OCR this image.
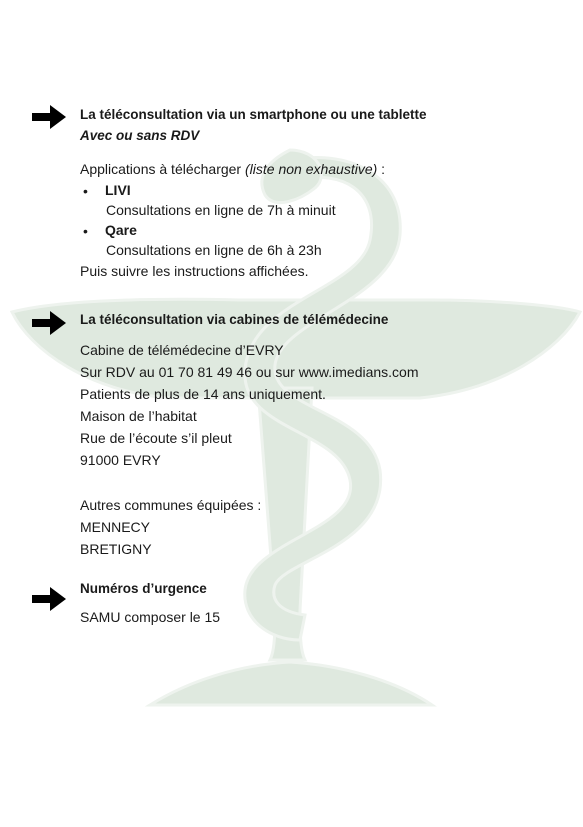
La téléconsultation via un smartphone ou une tablette

Avec ou sans RDV

Applications à télécharger (liste non exhaustive) :

• LIVI

Consultations en ligne de 7h à minuit

• Qare

Consultations en ligne de 6h à 23h

Puis suivre les instructions affichées.

La téléconsultation via cabines de télémédecine

Cabine de télémédecine d’EVRY

Sur RDV au 01 70 81 49 46 ou sur www.imedians.com

Patients de plus de 14 ans uniquement.

Maison de l’habitat

Rue de l’écoute s’il pleut

91000 EVRY

Autres communes équipées :

MENNECY

BRETIGNY

Numéros d’urgence

SAMU composer le 15
